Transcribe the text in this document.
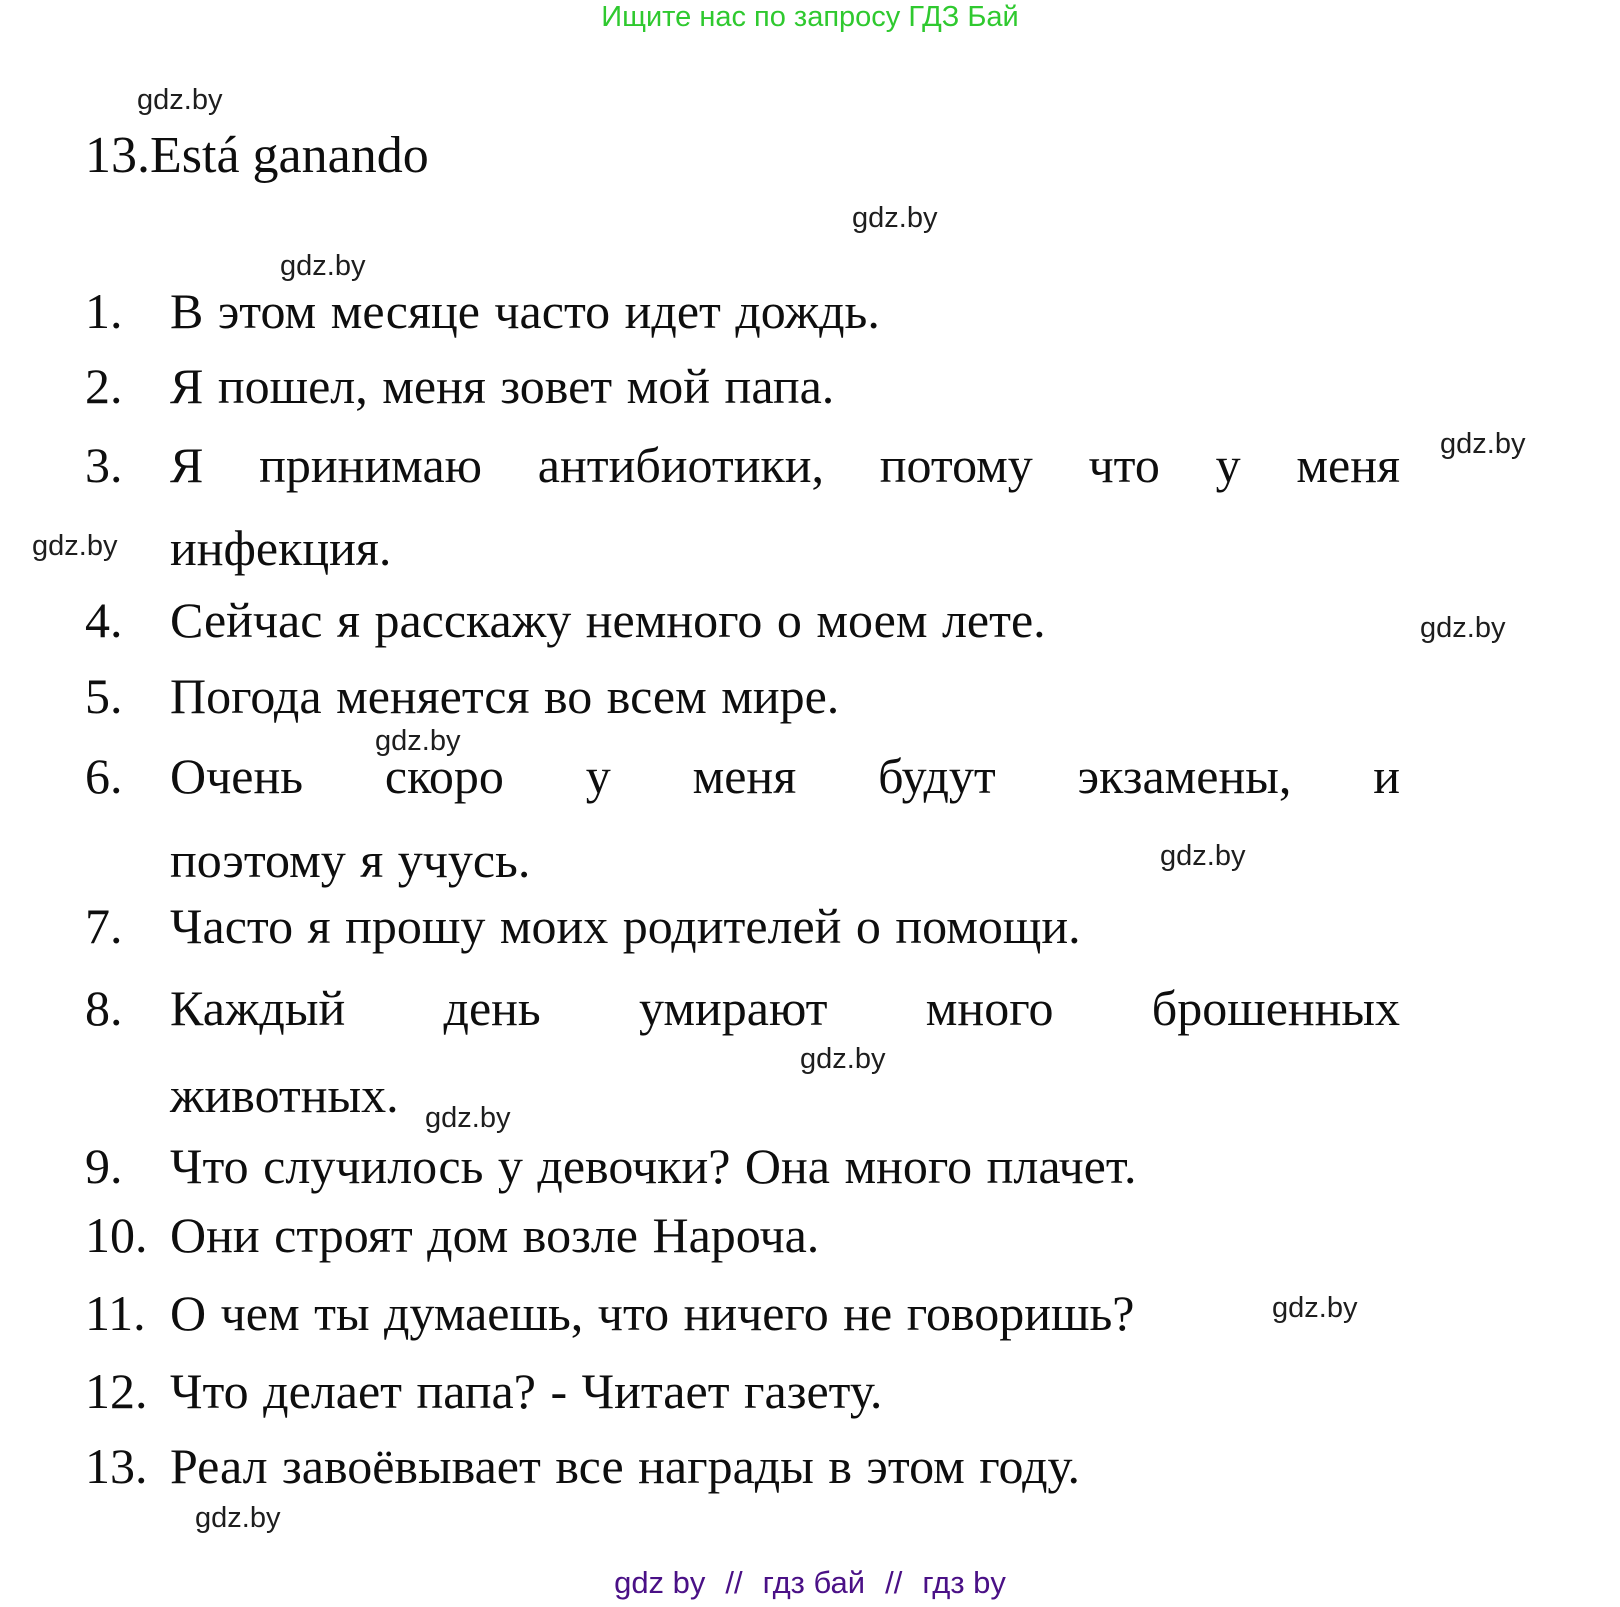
Ищите нас по запросу ГДЗ Бай
gdz.by
gdz.by
gdz.by
gdz.by
gdz.by
gdz.by
gdz.by
gdz.by
gdz.by
gdz.by
gdz.by
gdz.by
13.Está ganando
1. В этом месяце часто идет дождь.
2. Я пошел, меня зовет мой папа.
3. Я принимаю антибиотики, потому что у меня
инфекция.
4. Сейчас я расскажу немного о моем лете.
5. Погода меняется во всем мире.
6. Очень скоро у меня будут экзамены, и
поэтому я учусь.
7. Часто я прошу моих родителей о помощи.
8. Каждый день умирают много брошенных
животных.
9. Что случилось у девочки? Она много плачет.
10. Они строят дом возле Нароча.
11. О чем ты думаешь, что ничего не говоришь?
12. Что делает папа? - Читает газету.
13. Реал завоёвывает все награды в этом году.
gdz by // гдз бай // гдз by
